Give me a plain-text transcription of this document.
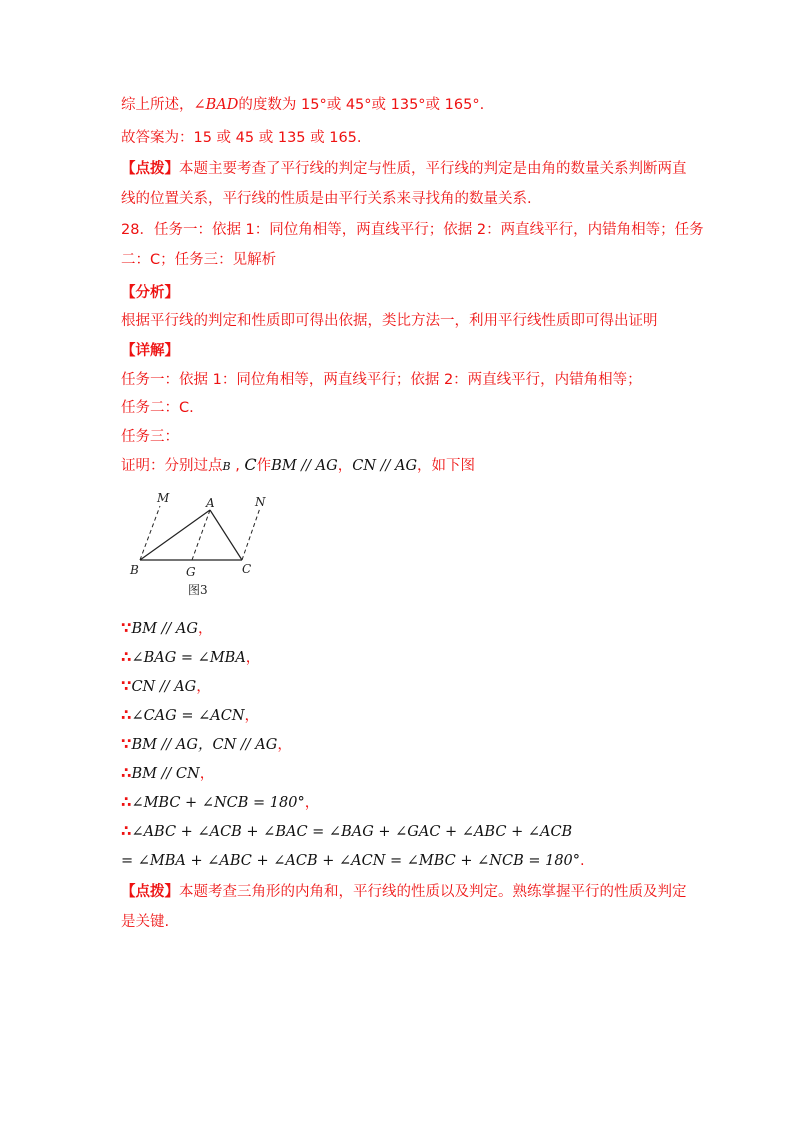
综上所述，∠BAD的度数为 15°或 45°或 135°或 165°.
故答案为：15 或 45 或 135 或 165.
【点拨】本题主要考查了平行线的判定与性质，平行线的判定是由角的数量关系判断两直
线的位置关系，平行线的性质是由平行关系来寻找角的数量关系.
28．任务一：依据 1：同位角相等，两直线平行；依据 2：两直线平行，内错角相等；任务
二：C；任务三：见解析
【分析】
根据平行线的判定和性质即可得出依据，类比方法一，利用平行线性质即可得出证明
【详解】
任务一：依据 1：同位角相等，两直线平行；依据 2：两直线平行，内错角相等；
任务二：C.
任务三：
证明：分别过点B , C作BM // AG，CN // AG，如下图
M	A	N
B	G	C
图3
∵BM // AG，
∴∠BAG = ∠MBA，
∵CN // AG，
∴∠CAG = ∠ACN，
∵BM // AG，CN // AG，
∴BM // CN，
∴∠MBC + ∠NCB = 180°，
∴∠ABC + ∠ACB + ∠BAC = ∠BAG + ∠GAC + ∠ABC + ∠ACB
= ∠MBA + ∠ABC + ∠ACB + ∠ACN = ∠MBC + ∠NCB = 180°.
【点拨】本题考查三角形的内角和，平行线的性质以及判定。熟练掌握平行的性质及判定
是关键.
